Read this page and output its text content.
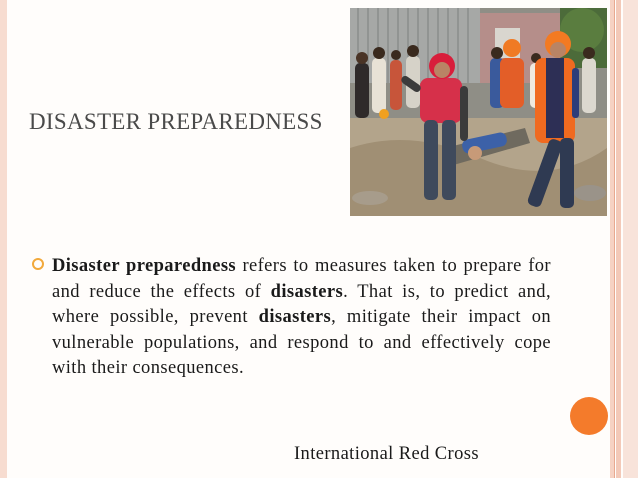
DISASTER PREPAREDNESS
Disaster preparedness refers to measures taken to prepare for and reduce the effects of disasters. That is, to predict and, where possible, prevent disasters, mitigate their impact on vulnerable populations, and respond to and effectively cope with their consequences.
International Red Cross
